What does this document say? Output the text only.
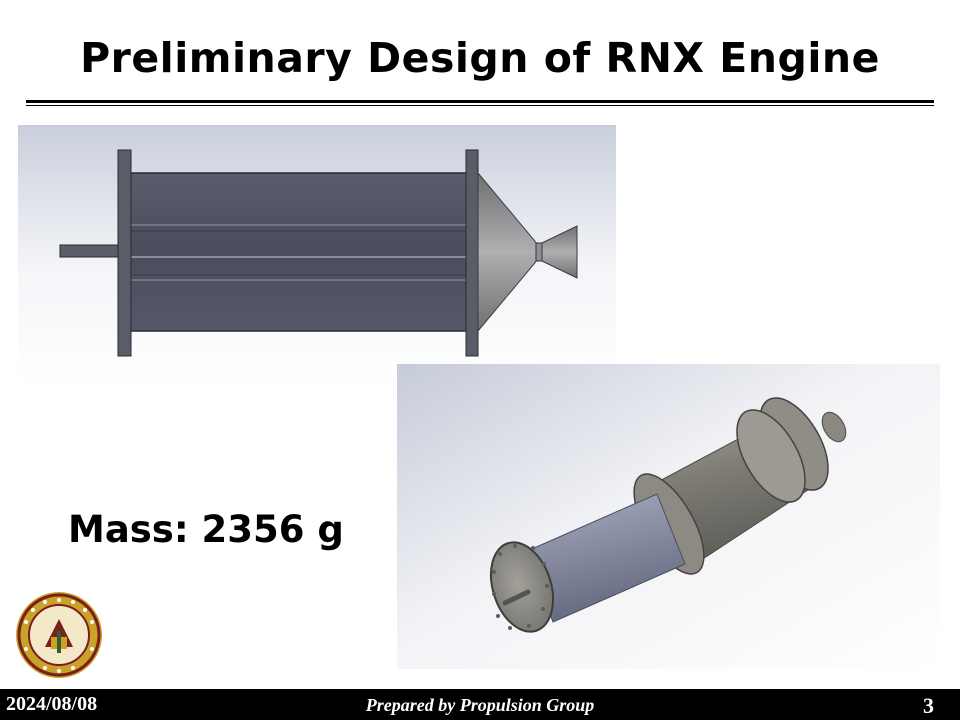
Preliminary Design of RNX Engine
Mass: 2356 g
2024/08/08	Prepared by Propulsion Group	3
